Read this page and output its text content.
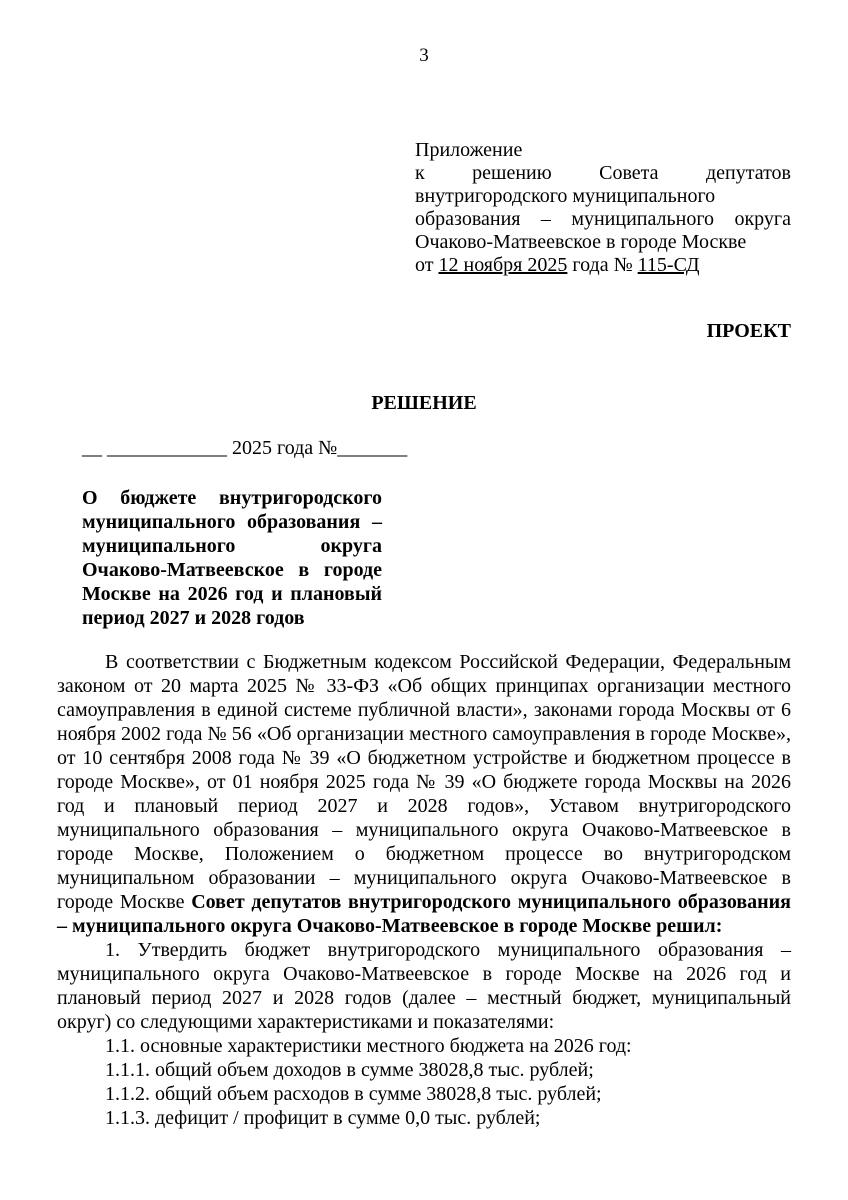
3
Приложение
к решению Совета депутатов
внутригородского муниципального
образования – муниципального округа
Очаково-Матвеевское в городе Москве
от 12 ноября 2025 года № 115-СД
ПРОЕКТ
РЕШЕНИЕ
__ ____________ 2025 года №_______
О бюджете внутригородского муниципального образования – муниципального округа Очаково-Матвеевское в городе Москве на 2026 год и плановый период 2027 и 2028 годов

В соответствии с Бюджетным кодексом Российской Федерации, Федеральным законом от 20 марта 2025 № 33-ФЗ «Об общих принципах организации местного самоуправления в единой системе публичной власти», законами города Москвы от 6 ноября 2002 года № 56 «Об организации местного самоуправления в городе Москве», от 10 сентября 2008 года № 39 «О бюджетном устройстве и бюджетном процессе в городе Москве», от 01 ноября 2025 года № 39 «О бюджете города Москвы на 2026 год и плановый период 2027 и 2028 годов», Уставом внутригородского муниципального образования – муниципального округа Очаково-Матвеевское в городе Москве, Положением о бюджетном процессе во внутригородском муниципальном образовании – муниципального округа Очаково-Матвеевское в городе Москве Совет депутатов внутригородского муниципального образования – муниципального округа Очаково-Матвеевское в городе Москве решил:

1. Утвердить бюджет внутригородского муниципального образования – муниципального округа Очаково-Матвеевское в городе Москве на 2026 год и плановый период 2027 и 2028 годов (далее – местный бюджет, муниципальный округ) со следующими характеристиками и показателями:

1.1. основные характеристики местного бюджета на 2026 год:

1.1.1. общий объем доходов в сумме 38028,8 тыс. рублей;

1.1.2. общий объем расходов в сумме 38028,8 тыс. рублей;

1.1.3. дефицит / профицит в сумме 0,0 тыс. рублей;
